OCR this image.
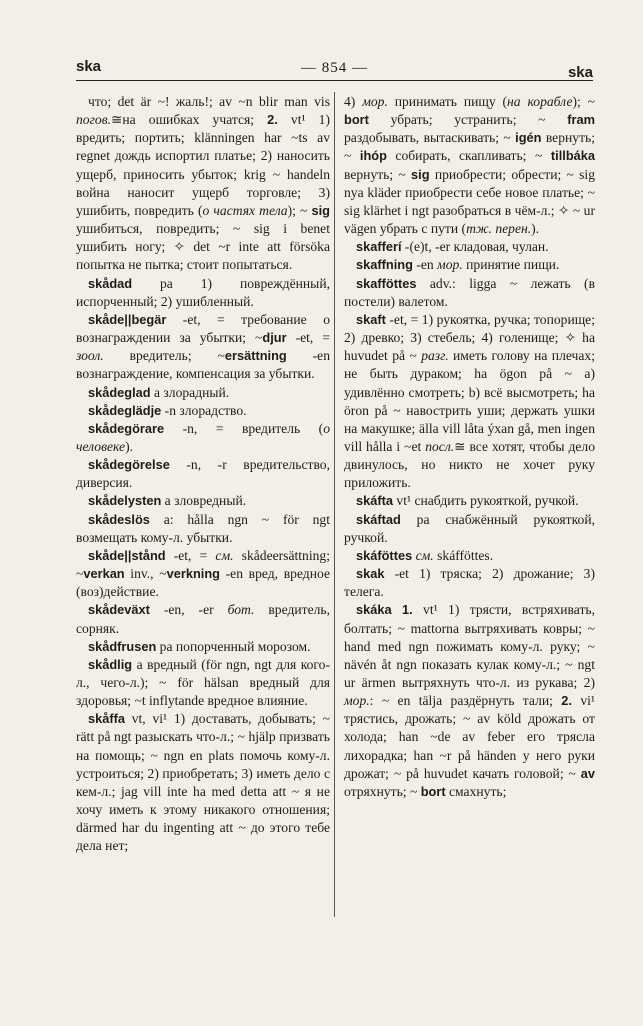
ska	— 854 —	ska

что; det är ~! жаль!; av ~n blir man vis погов.≅на ошибках учатся; 2. vt¹ 1) вредить; портить; klänningen har ~ts av regnet дождь испортил платье; 2) наносить ущерб, приносить убыток; krig ~ handeln война наносит ущерб торговле; 3) ушибить, повредить (о частях тела); ~ sig ушибиться, повредить; ~ sig i benet ушибить ногу; ✧ det ~r inte att försöka попытка не пытка; стоит попытаться.

skådad pa 1) повреждённый, испорченный; 2) ушибленный.

skåde||begär -et, = требование о вознаграждении за убытки; ~djur -et, = зоол. вредитель; ~ersättning -en вознаграждение, компенсация за убытки.

skådeglad a злорадный.

skådeglädje -n злорадство.

skådegörare -n, = вредитель (о человеке).

skådegörelse -n, -r вредительство, диверсия.

skådelysten a зловредный.

skådeslös a: hålla ngn ~ för ngt возмещать кому-л. убытки.

skåde||stånd -et, = см. skådeersättning; ~verkan inv., ~verkning -en вред, вредное (воз)действие.

skådeväxt -en, -er бот. вредитель, сорняк.

skådfrusen pa попорченный морозом.

skådlig a вредный (för ngn, ngt для кого-л., чего-л.); ~ för hälsan вредный для здоровья; ~t inflytande вредное влияние.

skåffa vt, vi¹ 1) доставать, добывать; ~ rätt på ngt разыскать что-л.; ~ hjälp призвать на помощь; ~ ngn en plats помочь кому-л. устроиться; 2) приобретать; 3) иметь дело с кем-л.; jag vill inte ha med detta att ~ я не хочу иметь к этому никакого отношения; därmed har du ingenting att ~ до этого тебе дела нет;

4) мор. принимать пищу (на корабле); ~ bort убрать; устранить; ~ fram раздобывать, вытаскивать; ~ igén вернуть; ~ ihóp собирать, скапливать; ~ tillbáka вернуть; ~ sig приобрести; обрести; ~ sig nya kläder приобрести себе новое платье; ~ sig klärhet i ngt разобраться в чём-л.; ✧ ~ ur vägen убрать с пути (тж. перен.).

skafferí -(e)t, -er кладовая, чулан.

skaffning -en мор. принятие пищи.

skafföttes adv.: ligga ~ лежать (в постели) валетом.

skaft -et, = 1) рукоятка, ручка; топорище; 2) древко; 3) стебель; 4) голенище; ✧ ha huvudet på ~ разг. иметь голову на плечах; не быть дураком; ha ögon på ~ a) удивлённо смотреть; b) всё высмотреть; ha öron på ~ навострить уши; держать ушки на макушке; älla vill låta ýxan gå, men ingen vill hålla i ~et посл.≅ все хотят, чтобы дело двинулось, но никто не хочет руку приложить.

skáfta vt¹ снабдить рукояткой, ручкой.

skáftad pa снабжённый рукояткой, ручкой.

skáföttes см. skáfföttes.

skak -et 1) тряска; 2) дрожание; 3) телега.

skáka 1. vt¹ 1) трясти, встряхивать, болтать; ~ mattorna вытряхивать ковры; ~ hand med ngn пожимать кому-л. руку; ~ nävén åt ngn показать кулак кому-л.; ~ ngt ur ärmen вытряхнуть что-л. из рукава; 2) мор.: ~ en tälja раздёрнуть тали; 2. vi¹ трястись, дрожать; ~ av köld дрожать от холода; han ~de av feber его трясла лихорадка; han ~r på händen у него руки дрожат; ~ på huvudet качать головой; ~ av отряхнуть; ~ bort смахнуть;
